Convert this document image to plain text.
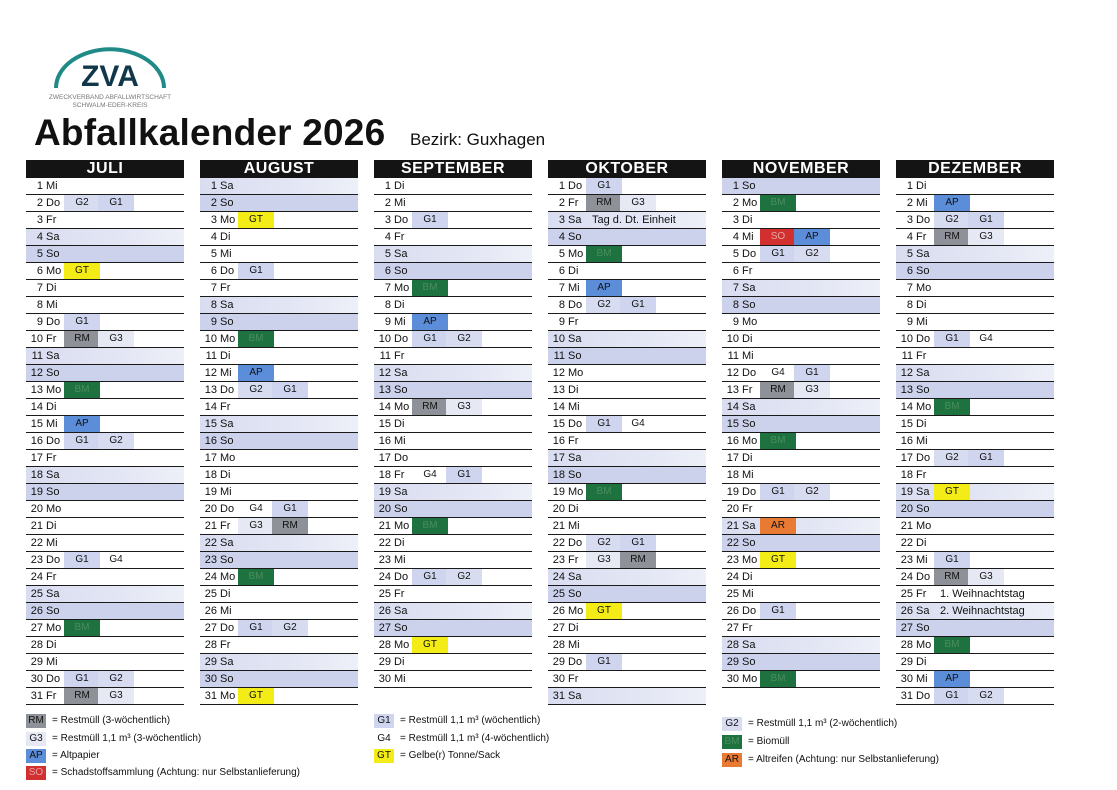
ZVA
ZWECKVERBAND ABFALLWIRTSCHAFT
SCHWALM-EDER-KREIS
Abfallkalender 2026 Bezirk: Guxhagen
JULI
1 Mi
2 Do	G2	G1
3 Fr
4 Sa
5 So
6 Mo	GT
7 Di
8 Mi
9 Do	G1
10 Fr	RM	G3
11 Sa
12 So
13 Mo	BM
14 Di
15 Mi	AP
16 Do	G1	G2
17 Fr
18 Sa
19 So
20 Mo
21 Di
22 Mi
23 Do	G1	G4
24 Fr
25 Sa
26 So
27 Mo	BM
28 Di
29 Mi
30 Do	G1	G2
31 Fr	RM	G3
AUGUST
1 Sa
2 So
3 Mo	GT
4 Di
5 Mi
6 Do	G1
7 Fr
8 Sa
9 So
10 Mo	BM
11 Di
12 Mi	AP
13 Do	G2	G1
14 Fr
15 Sa
16 So
17 Mo
18 Di
19 Mi
20 Do	G4	G1
21 Fr	G3	RM
22 Sa
23 So
24 Mo	BM
25 Di
26 Mi
27 Do	G1	G2
28 Fr
29 Sa
30 So
31 Mo	GT
SEPTEMBER
1 Di
2 Mi
3 Do	G1
4 Fr
5 Sa
6 So
7 Mo	BM
8 Di
9 Mi	AP
10 Do	G1	G2
11 Fr
12 Sa
13 So
14 Mo	RM	G3
15 Di
16 Mi
17 Do
18 Fr	G4	G1
19 Sa
20 So
21 Mo	BM
22 Di
23 Mi
24 Do	G1	G2
25 Fr
26 Sa
27 So
28 Mo	GT
29 Di
30 Mi
OKTOBER
1 Do	G1
2 Fr	RM	G3
3 Sa Tag d. Dt. Einheit
4 So
5 Mo	BM
6 Di
7 Mi	AP
8 Do	G2	G1
9 Fr
10 Sa
11 So
12 Mo
13 Di
14 Mi
15 Do	G1	G4
16 Fr
17 Sa
18 So
19 Mo	BM
20 Di
21 Mi
22 Do	G2	G1
23 Fr	G3	RM
24 Sa
25 So
26 Mo	GT
27 Di
28 Mi
29 Do	G1
30 Fr
31 Sa
NOVEMBER
1 So
2 Mo	BM
3 Di
4 Mi	SO	AP
5 Do	G1	G2
6 Fr
7 Sa
8 So
9 Mo
10 Di
11 Mi
12 Do	G4	G1
13 Fr	RM	G3
14 Sa
15 So
16 Mo	BM
17 Di
18 Mi
19 Do	G1	G2
20 Fr
21 Sa	AR
22 So
23 Mo	GT
24 Di
25 Mi
26 Do	G1
27 Fr
28 Sa
29 So
30 Mo	BM
DEZEMBER
1 Di
2 Mi	AP
3 Do	G2	G1
4 Fr	RM	G3
5 Sa
6 So
7 Mo
8 Di
9 Mi
10 Do	G1	G4
11 Fr
12 Sa
13 So
14 Mo	BM
15 Di
16 Mi
17 Do	G2	G1
18 Fr
19 Sa	GT
20 So
21 Mo
22 Di
23 Mi	G1
24 Do	RM	G3
25 Fr 1. Weihnachtstag
26 Sa 2. Weihnachtstag
27 So
28 Mo	BM
29 Di
30 Mi	AP
31 Do	G1	G2
RM = Restmüll (3-wöchentlich)
G3 = Restmüll 1,1 m³ (3-wöchentlich)
AP = Altpapier
SO = Schadstoffsammlung (Achtung: nur Selbstanlieferung)
G1 = Restmüll 1,1 m³ (wöchentlich)
G4 = Restmüll 1,1 m³ (4-wöchentlich)
GT = Gelbe(r) Tonne/Sack
G2 = Restmüll 1,1 m³ (2-wöchentlich)
BM = Biomüll
AR = Altreifen (Achtung: nur Selbstanlieferung)
